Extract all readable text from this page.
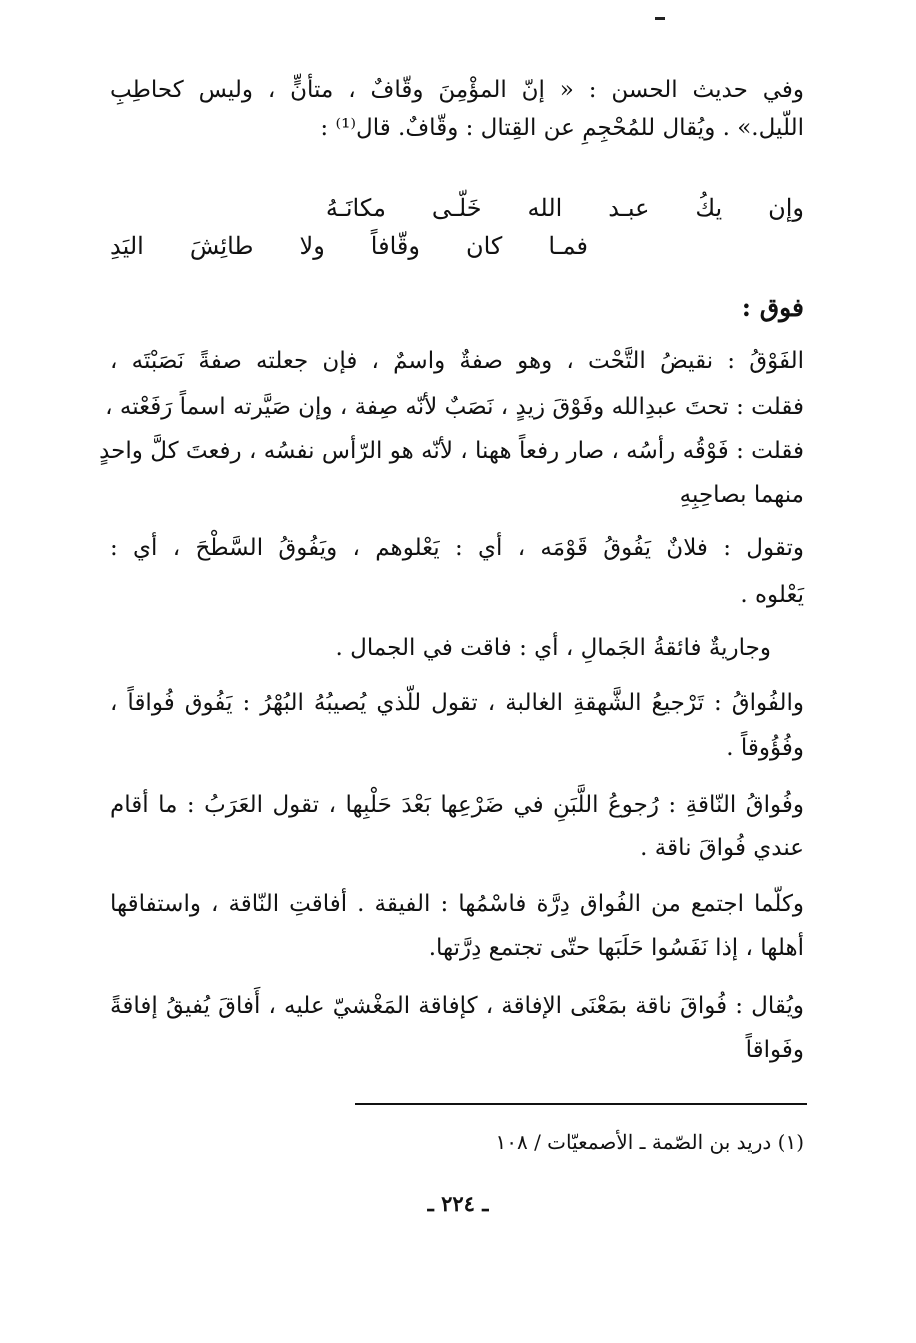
وفي حديث الحسن : « إنّ المؤْمِنَ وقّافٌ ، متأنٍّ ، وليس كحاطِبِ
اللّيل.» . ويُقال للمُحْجِمِ عن القِتال : وقّافٌ. قال⁽¹⁾ :
وإن
يكُ
عبـد
الله
خَلّـى
مكانَـهُ
فمـا
كان
وقّافاً
ولا
طائِشَ
اليَدِ
فوق :
الفَوْقُ : نقيضُ التَّحْت ، وهو صفةٌ واسمٌ ، فإن جعلته صفةً نَصَبْتَه ،
فقلت : تحتَ عبدِالله وفَوْقَ زيدٍ ، نَصَبٌ لأنّه صِفة ، وإن صَيَّرته اسماً رَفَعْته ،
فقلت : فَوْقُه رأسُه ، صار رفعاً ههنا ، لأنّه هو الرّأس نفسُه ، رفعتَ كلَّ واحدٍ
منهما بصاحِبِهِ
وتقول : فلانٌ يَفُوقُ قَوْمَه ، أي : يَعْلوهم ، ويَفُوقُ السَّطْحَ ، أي :
يَعْلوه .
وجاريةٌ فائقةُ الجَمالِ ، أي : فاقت في الجمال .
والفُواقُ : تَرْجيعُ الشَّهقةِ الغالبة ، تقول للّذي يُصيبُهُ البُهْرُ : يَفُوق فُواقاً ،
وفُؤُوقاً .
وفُواقُ النّاقةِ : رُجوعُ اللَّبَنِ في ضَرْعِها بَعْدَ حَلْبِها ، تقول العَرَبُ : ما أقام
عندي فُواقَ ناقة .
وكلّما اجتمع من الفُواق دِرَّة فاسْمُها : الفيقة . أفاقتِ النّاقة ، واستفاقها
أهلها ، إذا نَفَسُوا حَلَبَها حتّى تجتمع دِرَّتها.
ويُقال : فُواقَ ناقة بمَعْنَى الإفاقة ، كإفاقة المَغْشيّ عليه ، أَفاقَ يُفيقُ إفاقةً
وفَواقاً
(١) دريد بن الصّمة ـ الأصمعيّات / ١٠٨
ـ ٢٢٤ ـ
